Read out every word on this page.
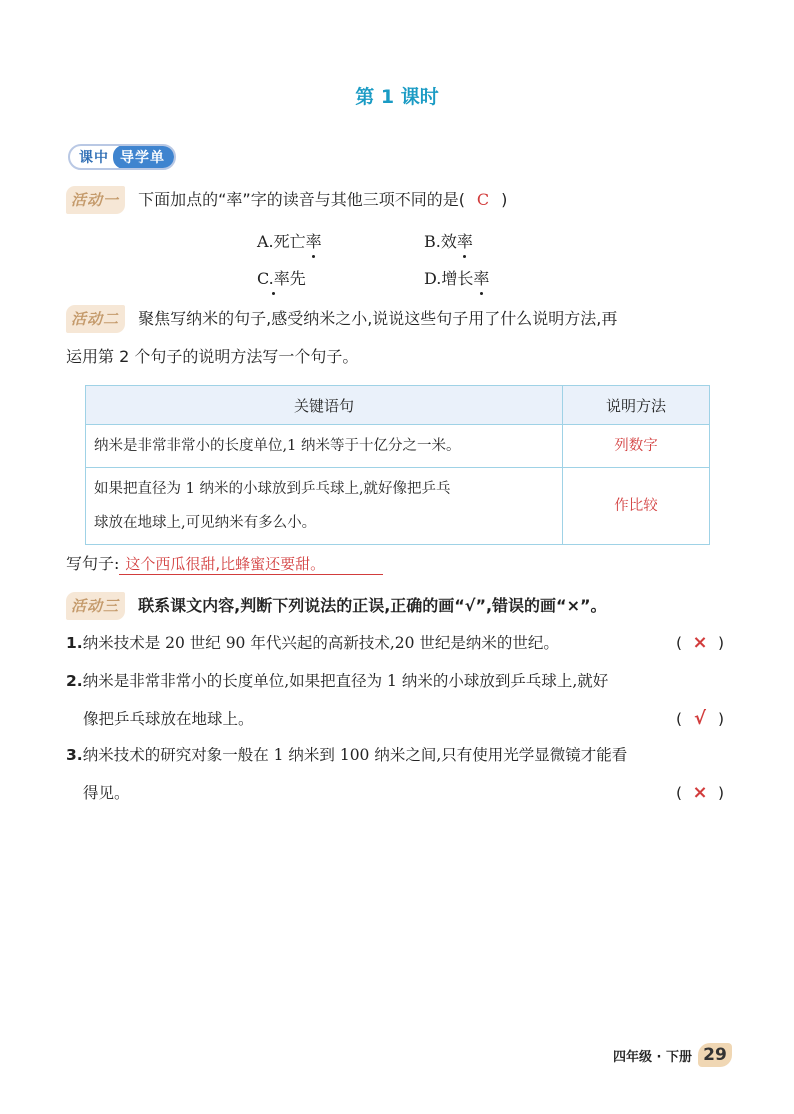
第 1 课时
课中 导学单
活动一 下面加点的“率”字的读音与其他三项不同的是( C )
A.死亡率	B.效率
C.率先	D.增长率
活动二 聚焦写纳米的句子,感受纳米之小,说说这些句子用了什么说明方法,再
运用第 2 个句子的说明方法写一个句子。
关键语句	说明方法
纳米是非常非常小的长度单位,1 纳米等于十亿分之一米。	列数字
如果把直径为 1 纳米的小球放到乒乓球上,就好像把乒乓
球放在地球上,可见纳米有多么小。	作比较
写句子: 这个西瓜很甜,比蜂蜜还要甜。
活动三 联系课文内容,判断下列说法的正误,正确的画“√”,错误的画“×”。
1.纳米技术是 20 世纪 90 年代兴起的高新技术,20 世纪是纳米的世纪。	( × )
2.纳米是非常非常小的长度单位,如果把直径为 1 纳米的小球放到乒乓球上,就好
像把乒乓球放在地球上。	( √ )
3.纳米技术的研究对象一般在 1 纳米到 100 纳米之间,只有使用光学显微镜才能看
得见。	( × )
四年级 · 下册 29
